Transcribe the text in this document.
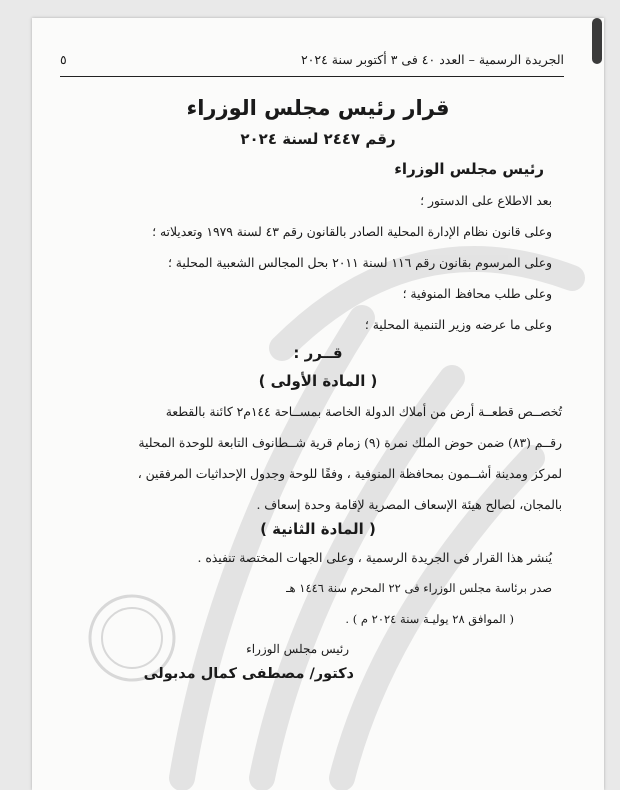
الجريدة الرسمية – العدد ٤٠ فى ٣ أكتوبر سنة ٢٠٢٤
٥
قرار رئيس مجلس الوزراء
رقم ٢٤٤٧ لسنة ٢٠٢٤
رئيس مجلس الوزراء
بعد الاطلاع على الدستور ؛
وعلى قانون نظام الإدارة المحلية الصادر بالقانون رقم ٤٣ لسنة ١٩٧٩ وتعديلاته ؛
وعلى المرسوم بقانون رقم ١١٦ لسنة ٢٠١١ بحل المجالس الشعبية المحلية ؛
وعلى طلب محافظ المنوفية ؛
وعلى ما عرضه وزير التنمية المحلية ؛
قــرر :
( المادة الأولى )
تُخصــص قطعــة أرض من أملاك الدولة الخاصة بمســاحة ١٤٤م٢ كائنة بالقطعة
رقــم (٨٣) ضمن حوض الملك نمرة (٩) زمام قرية شــطانوف التابعة للوحدة المحلية
لمركز ومدينة أشــمون بمحافظة المنوفية ، وفقًا للوحة وجدول الإحداثيات المرفقين ،
بالمجان، لصالح هيئة الإسعاف المصرية لإقامة وحدة إسعاف .
( المادة الثانية )
يُنشر هذا القرار فى الجريدة الرسمية ، وعلى الجهات المختصة تنفيذه .
صدر برئاسة مجلس الوزراء فى ٢٢ المحرم سنة ١٤٤٦ هـ
( الموافق ٢٨ يوليـة سنة ٢٠٢٤ م ) .
رئيس مجلس الوزراء
دكتور/ مصطفى كمال مدبولى
